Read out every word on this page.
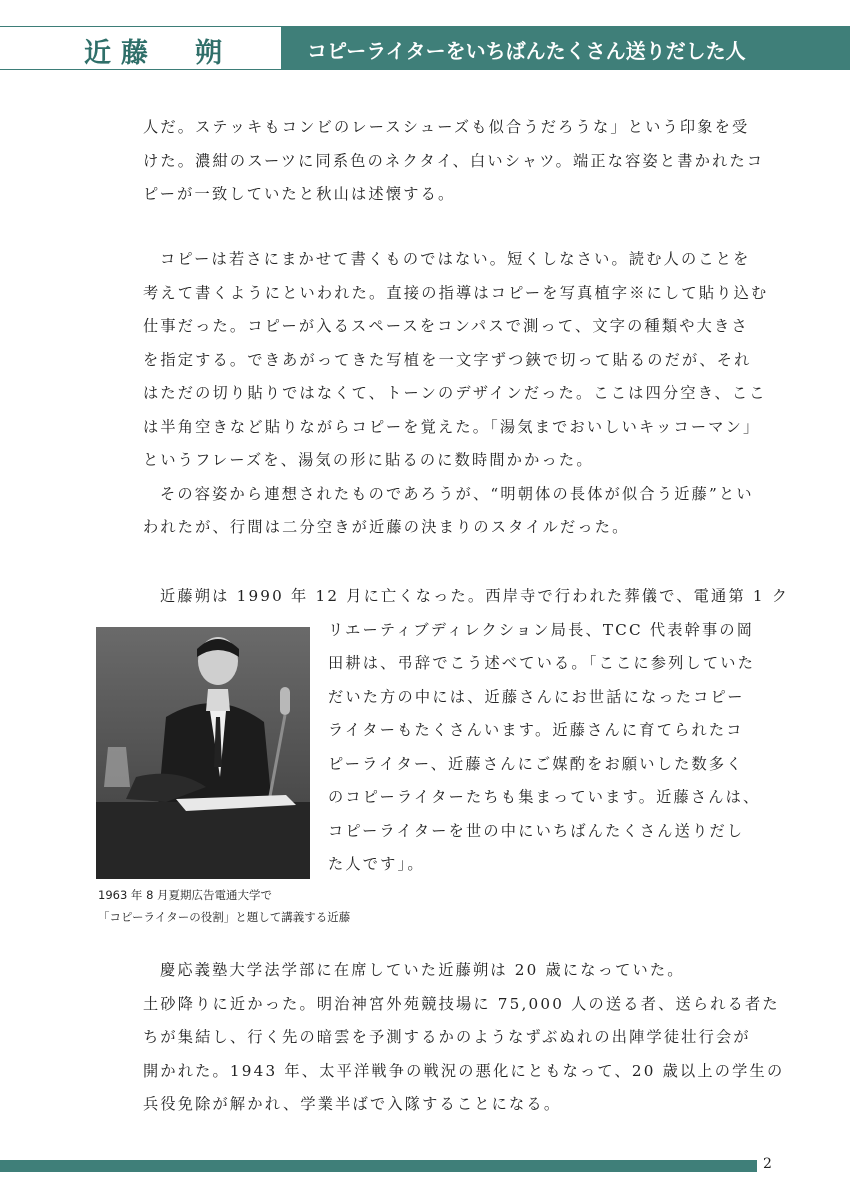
近藤　朔	コピーライターをいちばんたくさん送りだした人

人だ。ステッキもコンビのレースシューズも似合うだろうな」という印象を受

けた。濃紺のスーツに同系色のネクタイ、白いシャツ。端正な容姿と書かれたコ

ピーが一致していたと秋山は述懐する。

コピーは若さにまかせて書くものではない。短くしなさい。読む人のことを

考えて書くようにといわれた。直接の指導はコピーを写真植字※にして貼り込む

仕事だった。コピーが入るスペースをコンパスで測って、文字の種類や大きさ

を指定する。できあがってきた写植を一文字ずつ鋏で切って貼るのだが、それ

はただの切り貼りではなくて、トーンのデザインだった。ここは四分空き、ここ

は半角空きなど貼りながらコピーを覚えた。「湯気までおいしいキッコーマン」

というフレーズを、湯気の形に貼るのに数時間かかった。

その容姿から連想されたものであろうが、“明朝体の長体が似合う近藤”とい

われたが、行間は二分空きが近藤の決まりのスタイルだった。

近藤朔は 1990 年 12 月に亡くなった。西岸寺で行われた葬儀で、電通第 1 ク

リエーティブディレクション局長、TCC 代表幹事の岡

田耕は、弔辞でこう述べている。「ここに参列していた

だいた方の中には、近藤さんにお世話になったコピー

ライターもたくさんいます。近藤さんに育てられたコ

ピーライター、近藤さんにご媒酌をお願いした数多く

のコピーライターたちも集まっています。近藤さんは、

コピーライターを世の中にいちばんたくさん送りだし

た人です」。

1963 年 8 月夏期広告電通大学で
「コピーライターの役割」と題して講義する近藤

慶応義塾大学法学部に在席していた近藤朔は 20 歳になっていた。

土砂降りに近かった。明治神宮外苑競技場に 75,000 人の送る者、送られる者た

ちが集結し、行く先の暗雲を予測するかのようなずぶぬれの出陣学徒壮行会が

開かれた。1943 年、太平洋戦争の戦況の悪化にともなって、20 歳以上の学生の

兵役免除が解かれ、学業半ばで入隊することになる。

2
